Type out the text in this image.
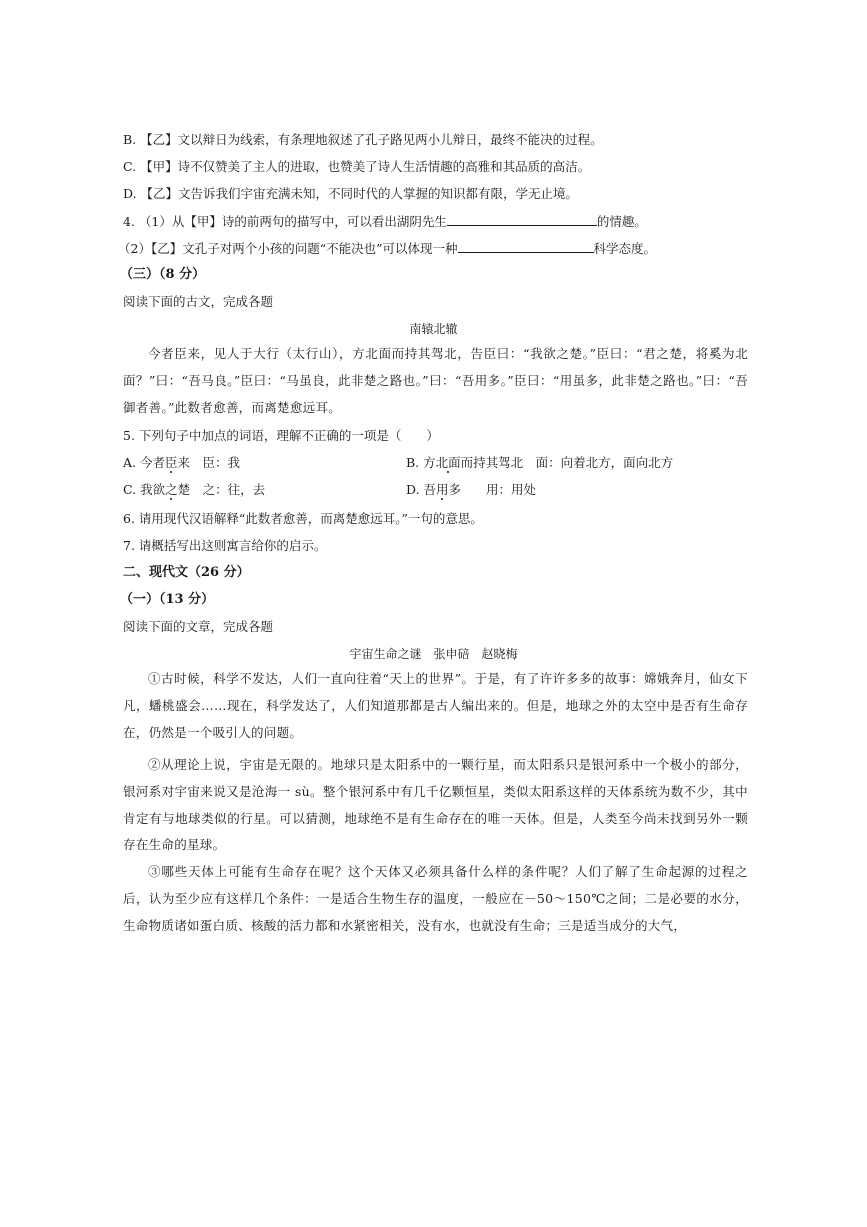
B. 【乙】文以辩日为线索，有条理地叙述了孔子路见两小儿辩日，最终不能决的过程。
C. 【甲】诗不仅赞美了主人的进取，也赞美了诗人生活情趣的高雅和其品质的高洁。
D. 【乙】文告诉我们宇宙充满未知，不同时代的人掌握的知识都有限，学无止境。
4. （1）从【甲】诗的前两句的描写中，可以看出湖阴先生	的情趣。
（2）【乙】文孔子对两个小孩的问题“不能决也”可以体现一种	科学态度。
（三）（8 分）
阅读下面的古文，完成各题
南辕北辙
今者臣来，见人于大行（太行山），方北面而持其驾北，告臣曰：“我欲之楚。”臣曰：“君之楚，将奚为北面？”曰：“吾马良。”臣曰：“马虽良，此非楚之路也。”曰：“吾用多。”臣曰：“用虽多，此非楚之路也。”曰：“吾御者善。”此数者愈善，而离楚愈远耳。
5. 下列句子中加点的词语，理解不正确的一项是（　　）
A. 今者臣来　臣：我	B. 方北面而持其驾北　面：向着北方，面向北方
C. 我欲之楚　之：往，去	D. 吾用多　　用：用处
6. 请用现代汉语解释“此数者愈善，而离楚愈远耳。”一句的意思。
7. 请概括写出这则寓言给你的启示。
二、现代文（26 分）
（一）（13 分）
阅读下面的文章，完成各题
宇宙生命之谜　张申碚　赵晓梅
①古时候，科学不发达，人们一直向往着“天上的世界”。于是，有了许许多多的故事：嫦娥奔月，仙女下凡，蟠桃盛会……现在，科学发达了，人们知道那都是古人编出来的。但是，地球之外的太空中是否有生命存在，仍然是一个吸引人的问题。
②从理论上说，宇宙是无限的。地球只是太阳系中的一颗行星，而太阳系只是银河系中一个极小的部分，银河系对宇宙来说又是沧海一 sù。整个银河系中有几千亿颗恒星，类似太阳系这样的天体系统为数不少，其中肯定有与地球类似的行星。可以猜测，地球绝不是有生命存在的唯一天体。但是，人类至今尚未找到另外一颗存在生命的星球。
③哪些天体上可能有生命存在呢？这个天体又必须具备什么样的条件呢？人们了解了生命起源的过程之后，认为至少应有这样几个条件：一是适合生物生存的温度，一般应在－50～150℃之间；二是必要的水分，生命物质诸如蛋白质、核酸的活力都和水紧密相关，没有水，也就没有生命；三是适当成分的大气，
